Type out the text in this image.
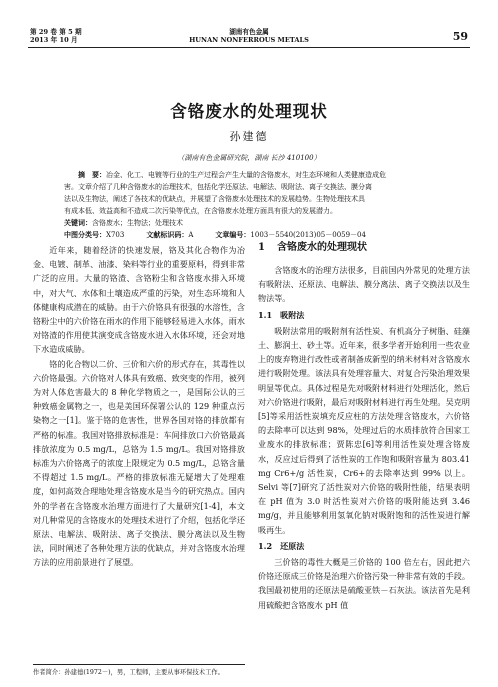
第 29 卷 第 5 期
2013 年 10 月
湖南有色金属
HUNAN NONFERROUS METALS	59
含铬废水的处理现状
孙建德
（湖南有色金属研究院，湖南 长沙 410100）
摘　要：冶金、化工、电镀等行业的生产过程会产生大量的含铬废水，对生态环境和人类健康造成危
害。文章介绍了几种含铬废水的治理技术，包括化学还原法、电解法、吸附法、离子交换法、膜分离
法以及生物法，阐述了各技术的优缺点，并展望了含铬废水处理技术的发展趋势。生物处理技术具
有成本低、效益高和不造成二次污染等优点，在含铬废水处理方面具有很大的发展潜力。
关键词：含铬废水；生物法；处理技术
中图分类号：X703	文献标识码：A	文章编号：1003－5540(2013)05－0059－04

近年来，随着经济的快速发展，铬及其化合物作为冶金、电镀、制革、油漆、染料等行业的重要原料，得到非常广泛的应用。大量的铬渣、含铬粉尘和含铬废水排入环境中，对大气、水体和土壤造成严重的污染，对生态环境和人体健康构成潜在的威胁。由于六价铬具有很强的水溶性，含铬粉尘中的六价铬在雨水的作用下能够轻易进入水体，雨水对铬渣的作用使其演变成含铬废水进入水体环境，还会对地下水造成威胁。

铬的化合物以二价、三价和六价的形式存在，其毒性以六价铬最强。六价铬对人体具有致癌、致突变的作用，被列为对人体危害最大的 8 种化学物质之一，是国际公认的三种致癌金属物之一，也是美国环保署公认的 129 种重点污染物之一[1]。鉴于铬的危害性，世界各国对铬的排放都有严格的标准。我国对铬排放标准是：车间排放口六价铬最高排放浓度为 0.5 mg/L，总铬为 1.5 mg/L。我国对铬排放标准为六价铬离子的浓度上限规定为 0.5 mg/L，总铬含量不得超过 1.5 mg/L。严格的排放标准无疑增大了处理难度，如何高效合理地处理含铬废水是当今的研究热点。国内外的学者在含铬废水治理方面进行了大量研究[1-4]，本文对几种常见的含铬废水的处理技术进行了介绍，包括化学还原法、电解法、吸附法、离子交换法、膜分离法以及生物法，同时阐述了各种处理方法的优缺点，并对含铬废水治理方法的应用前景进行了展望。

1 含铬废水的处理现状

含铬废水的治理方法很多，目前国内外常见的处理方法有吸附法、还原法、电解法、膜分离法、离子交换法以及生物法等。

1.1 吸附法

吸附法常用的吸附剂有活性炭、有机高分子树脂、硅藻土、膨润土、砂土等。近年来，很多学者开始利用一些农业上的废弃物进行改性或者制备成新型的纳米材料对含铬废水进行吸附处理。该法具有处理容量大、对复合污染治理效果明显等优点。具体过程是先对吸附材料进行处理活化，然后对六价铬进行吸附，最后对吸附材料进行再生处理。吴克明[5]等采用活性炭填充反应柱的方法处理含铬废水，六价铬的去除率可以达到 98%，处理过后的水质排放符合国家工业废水的排放标准；贾陈忠[6]等利用活性炭处理含铬废水，反应过后得到了活性炭的工作饱和吸附容量为 803.41 mg Cr6+/g 活性炭，Cr6+的去除率达到 99% 以上。Selvi 等[7]研究了活性炭对六价铬的吸附性能，结果表明在 pH 值为 3.0 时活性炭对六价铬的吸附能达到 3.46 mg/g，并且能够利用氢氧化钠对吸附饱和的活性炭进行解吸再生。

1.2 还原法

三价铬的毒性大概是三价铬的 100 倍左右，因此把六价铬还原成三价铬是治理六价铬污染一种非常有效的手段。我国最初使用的还原法是硫酸亚铁－石灰法。该法首先是利用硫酸把含铬废水 pH 值

作者简介：孙建德(1972－)，男，工程师，主要从事环保技术工作。
